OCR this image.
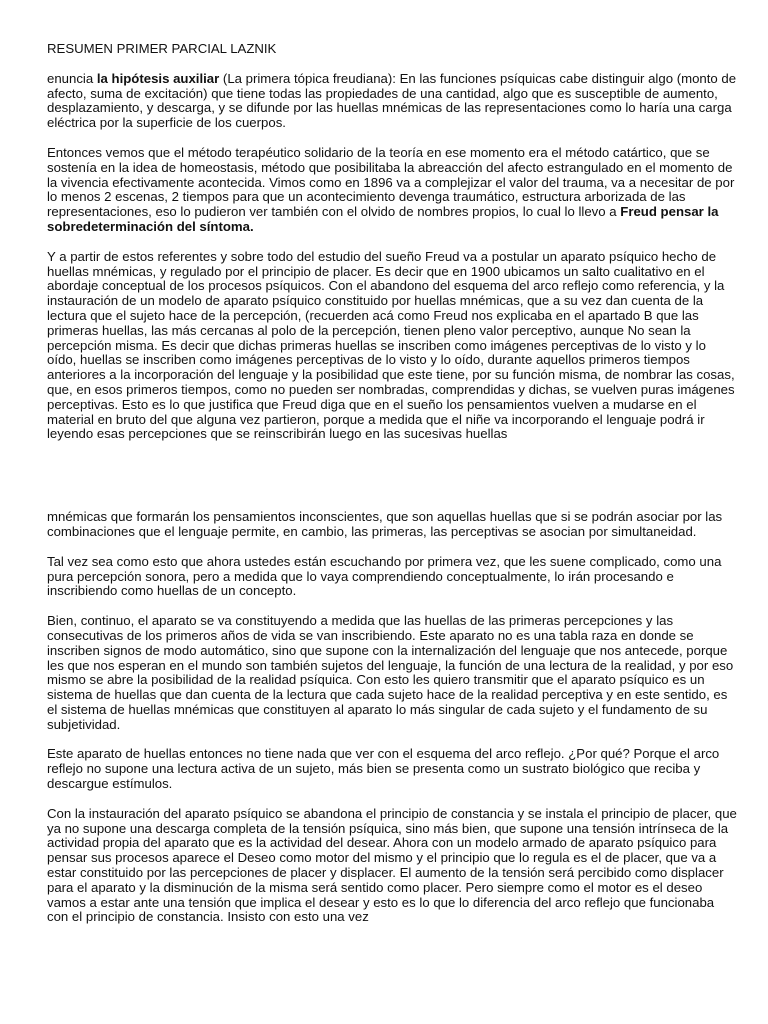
RESUMEN PRIMER PARCIAL LAZNIK

enuncia la hipótesis auxiliar (La primera tópica freudiana): En las funciones psíquicas cabe distinguir algo (monto de afecto, suma de excitación) que tiene todas las propiedades de una cantidad, algo que es susceptible de aumento, desplazamiento, y descarga, y se difunde por las huellas mnémicas de las representaciones como lo haría una carga eléctrica por la superficie de los cuerpos.

Entonces vemos que el método terapéutico solidario de la teoría en ese momento era el método catártico, que se sostenía en la idea de homeostasis, método que posibilitaba la abreacción del afecto estrangulado en el momento de la vivencia efectivamente acontecida. Vimos como en 1896 va a complejizar el valor del trauma, va a necesitar de por lo menos 2 escenas, 2 tiempos para que un acontecimiento devenga traumático, estructura arborizada de las representaciones, eso lo pudieron ver también con el olvido de nombres propios, lo cual lo llevo a Freud pensar la sobredeterminación del síntoma.

Y a partir de estos referentes y sobre todo del estudio del sueño Freud va a postular un aparato psíquico hecho de huellas mnémicas, y regulado por el principio de placer. Es decir que en 1900 ubicamos un salto cualitativo en el abordaje conceptual de los procesos psíquicos. Con el abandono del esquema del arco reflejo como referencia, y la instauración de un modelo de aparato psíquico constituido por huellas mnémicas, que a su vez dan cuenta de la lectura que el sujeto hace de la percepción, (recuerden acá como Freud nos explicaba en el apartado B que las primeras huellas, las más cercanas al polo de la percepción, tienen pleno valor perceptivo, aunque No sean la percepción misma. Es decir que dichas primeras huellas se inscriben como imágenes perceptivas de lo visto y lo oído, huellas se inscriben como imágenes perceptivas de lo visto y lo oído, durante aquellos primeros tiempos anteriores a la incorporación del lenguaje y la posibilidad que este tiene, por su función misma, de nombrar las cosas, que, en esos primeros tiempos, como no pueden ser nombradas, comprendidas y dichas, se vuelven puras imágenes perceptivas. Esto es lo que justifica que Freud diga que en el sueño los pensamientos vuelven a mudarse en el material en bruto del que alguna vez partieron, porque a medida que el niñe va incorporando el lenguaje podrá ir leyendo esas percepciones que se reinscribirán luego en las sucesivas huellas

mnémicas que formarán los pensamientos inconscientes, que son aquellas huellas que si se podrán asociar por las combinaciones que el lenguaje permite, en cambio, las primeras, las perceptivas se asocian por simultaneidad.

Tal vez sea como esto que ahora ustedes están escuchando por primera vez, que les suene complicado, como una pura percepción sonora, pero a medida que lo vaya comprendiendo conceptualmente, lo irán procesando e inscribiendo como huellas de un concepto.

Bien, continuo, el aparato se va constituyendo a medida que las huellas de las primeras percepciones y las consecutivas de los primeros años de vida se van inscribiendo. Este aparato no es una tabla raza en donde se inscriben signos de modo automático, sino que supone con la internalización del lenguaje que nos antecede, porque les que nos esperan en el mundo son también sujetos del lenguaje, la función de una lectura de la realidad, y por eso mismo se abre la posibilidad de la realidad psíquica. Con esto les quiero transmitir que el aparato psíquico es un sistema de huellas que dan cuenta de la lectura que cada sujeto hace de la realidad perceptiva y en este sentido, es el sistema de huellas mnémicas que constituyen al aparato lo más singular de cada sujeto y el fundamento de su subjetividad.

Este aparato de huellas entonces no tiene nada que ver con el esquema del arco reflejo. ¿Por qué? Porque el arco reflejo no supone una lectura activa de un sujeto, más bien se presenta como un sustrato biológico que reciba y descargue estímulos.

Con la instauración del aparato psíquico se abandona el principio de constancia y se instala el principio de placer, que ya no supone una descarga completa de la tensión psíquica, sino más bien, que supone una tensión intrínseca de la actividad propia del aparato que es la actividad del desear. Ahora con un modelo armado de aparato psíquico para pensar sus procesos aparece el Deseo como motor del mismo y el principio que lo regula es el de placer, que va a estar constituido por las percepciones de placer y displacer. El aumento de la tensión será percibido como displacer para el aparato y la disminución de la misma será sentido como placer. Pero siempre como el motor es el deseo vamos a estar ante una tensión que implica el desear y esto es lo que lo diferencia del arco reflejo que funcionaba con el principio de constancia. Insisto con esto una vez
